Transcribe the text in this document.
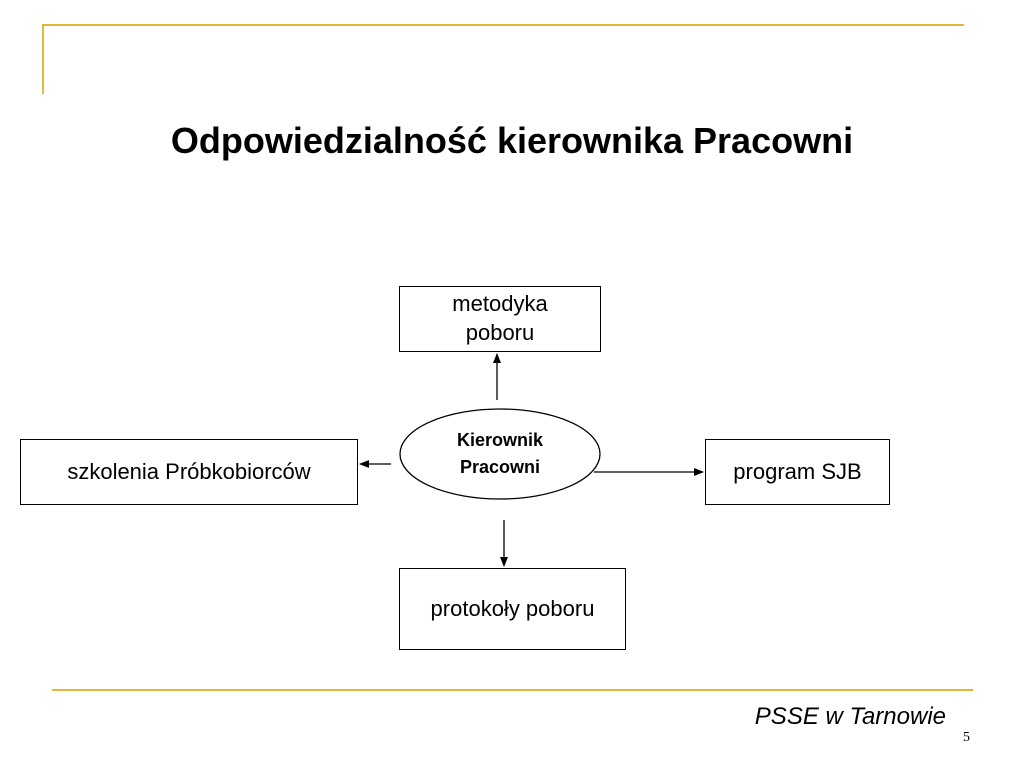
Odpowiedzialność kierownika Pracowni
metodyka poboru
szkolenia Próbkobiorców
Kierownik Pracowni	program SJB
protokoły poboru
PSSE w Tarnowie
5
